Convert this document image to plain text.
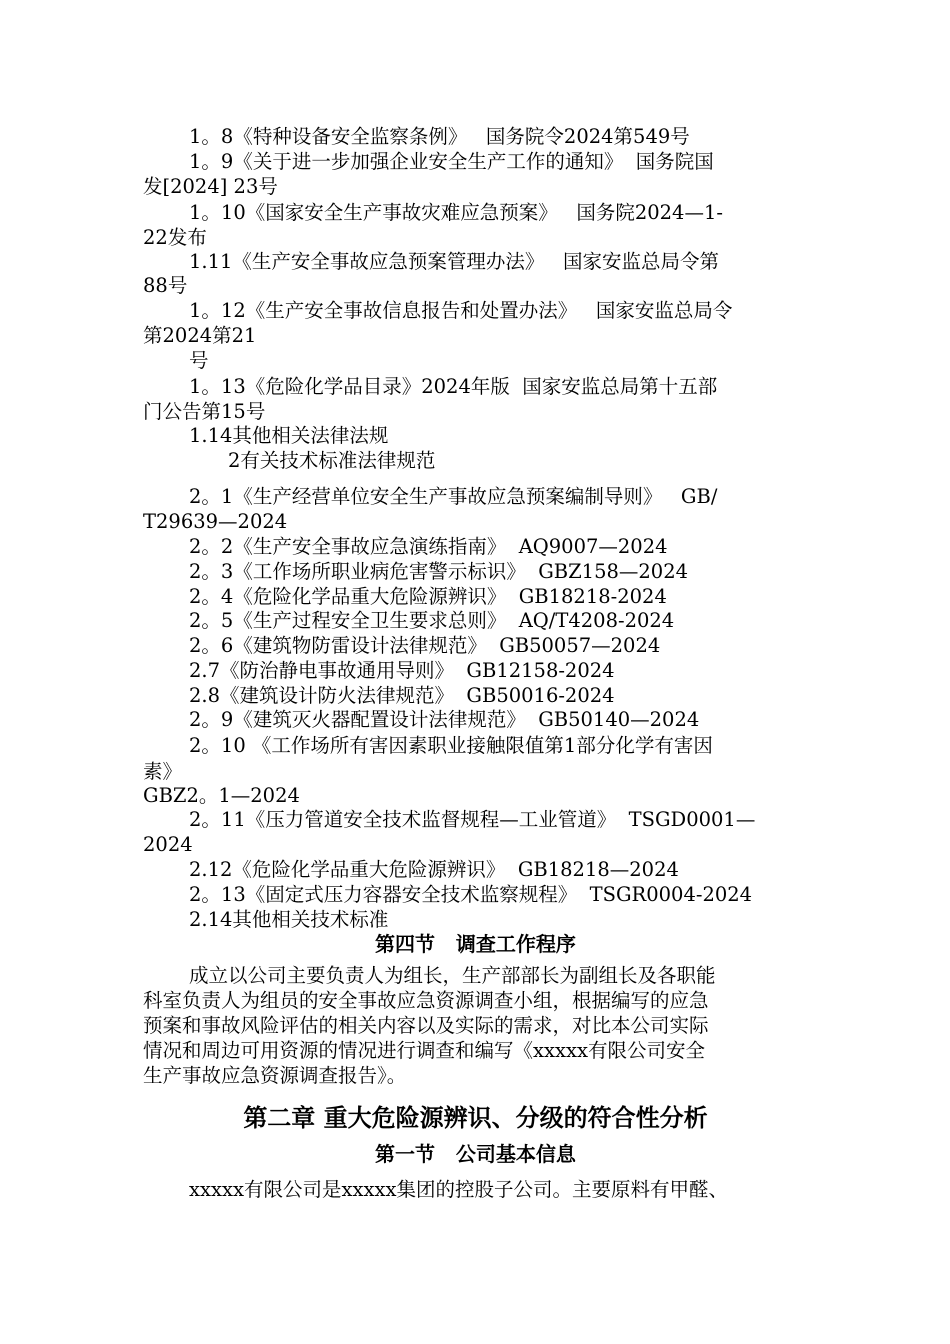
1。8《特种设备安全监察条例》   国务院令2024第549号
1。9《关于进一步加强企业安全生产工作的通知》  国务院国
发[2024] 23号
1。10《国家安全生产事故灾难应急预案》   国务院2024—1-
22发布
1.11《生产安全事故应急预案管理办法》   国家安监总局令第
88号
1。12《生产安全事故信息报告和处置办法》   国家安监总局令
第2024第21
号
1。13《危险化学品目录》2024年版  国家安监总局第十五部
门公告第15号
1.14其他相关法律法规
2有关技术标准法律规范
2。1《生产经营单位安全生产事故应急预案编制导则》   GB/
T29639—2024
2。2《生产安全事故应急演练指南》  AQ9007—2024
2。3《工作场所职业病危害警示标识》  GBZ158—2024
2。4《危险化学品重大危险源辨识》  GB18218-2024
2。5《生产过程安全卫生要求总则》  AQ/T4208-2024
2。6《建筑物防雷设计法律规范》  GB50057—2024
2.7《防治静电事故通用导则》  GB12158-2024
2.8《建筑设计防火法律规范》  GB50016-2024
2。9《建筑灭火器配置设计法律规范》  GB50140—2024
2。10 《工作场所有害因素职业接触限值第1部分化学有害因
素》
GBZ2。1—2024
2。11《压力管道安全技术监督规程—工业管道》  TSGD0001—
2024
2.12《危险化学品重大危险源辨识》  GB18218—2024
2。13《固定式压力容器安全技术监察规程》  TSGR0004-2024
2.14其他相关技术标准
第四节   调查工作程序
成立以公司主要负责人为组长，生产部部长为副组长及各职能
科室负责人为组员的安全事故应急资源调查小组，根据编写的应急
预案和事故风险评估的相关内容以及实际的需求，对比本公司实际
情况和周边可用资源的情况进行调查和编写《xxxxx有限公司安全
生产事故应急资源调查报告》。
第二章 重大危险源辨识、分级的符合性分析
第一节   公司基本信息
xxxxx有限公司是xxxxx集团的控股子公司。主要原料有甲醛、
